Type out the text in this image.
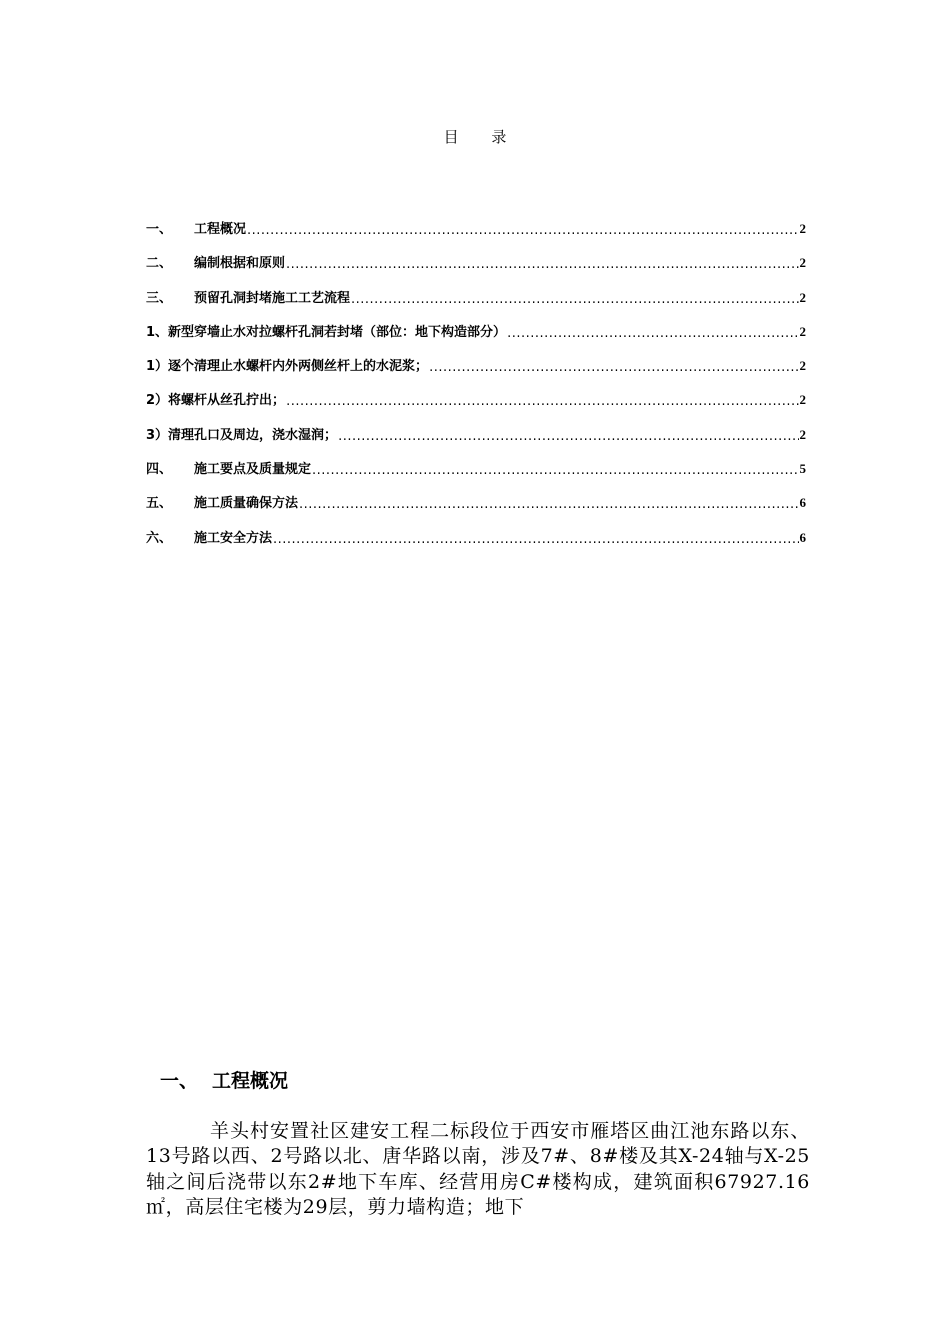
目 录
一、	工程概况 .....	2
二、	编制根据和原则 .....	2
三、	预留孔洞封堵施工工艺流程 .....	2
1、 新型穿墙止水对拉螺杆孔洞若封堵（部位：地下构造部分） .....	2
1） 逐个清理止水螺杆内外两侧丝杆上的水泥浆； .....	2
2） 将螺杆从丝孔拧出； .....	2
3） 清理孔口及周边，浇水湿润； .....	2
四、	施工要点及质量规定 .....	5
五、	施工质量确保方法 .....	6
六、	施工安全方法 .....	6
一、 工程概况

羊头村安置社区建安工程二标段位于西安市雁塔区曲江池东路以东、13号路以西、2号路以北、唐华路以南，涉及7#、8#楼及其X-24轴与X-25轴之间后浇带以东2#地下车库、经营用房C#楼构成，建筑面积67927.16㎡，高层住宅楼为29层，剪力墙构造；地下
